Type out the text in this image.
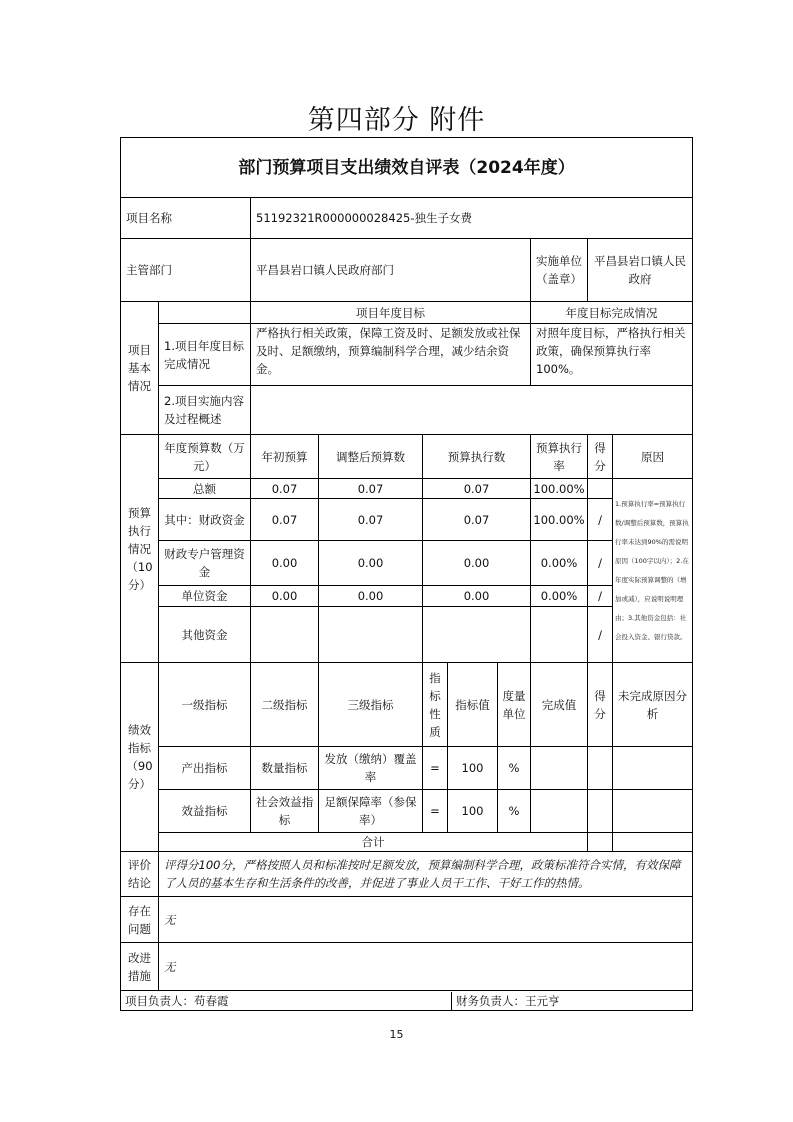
第四部分 附件
部门预算项目支出绩效自评表（2024年度）									
项目名称		51192321R000000028425-独生子女费							
主管部门		平昌县岩口镇人民政府部门					实施单位（盖章）	平昌县岩口镇人民政府	
项目基本情况		项目年度目标					年度目标完成情况		
	1.项目年度目标完成情况	严格执行相关政策，保障工资及时、足额发放或社保及时、足额缴纳，预算编制科学合理，减少结余资金。					对照年度目标，严格执行相关政策，确保预算执行率100%。		
	2.项目实施内容及过程概述								
预算执行情况（10分）	年度预算数（万元）	年初预算	调整后预算数	预算执行数			预算执行率	得分	原因
	总额	0.07	0.07	0.07			100.00%		1.预算执行率=预算执行数/调整后预算数，预算执行率未达到90%的需说明原因（100字以内）；2.在年度实际预算调整的（增加或减），应说明说明理由；3.其他资金包括：社会投入资金、银行贷款。
	其中：财政资金	0.07	0.07	0.07			100.00%	/	
	财政专户管理资金	0.00	0.00	0.00			0.00%	/	
	单位资金	0.00	0.00	0.00			0.00%	/	
	其他资金							/	
绩效指标（90分）	一级指标	二级指标	三级指标	指标性质	指标值	度量单位	完成值	得分	未完成原因分析
	产出指标	数量指标	发放（缴纳）覆盖率	=	100	%			
	效益指标	社会效益指标	足额保障率（参保率）	=	100	%			
	合计								
评价结论	评得分100分，严格按照人员和标准按时足额发放，预算编制科学合理，政策标准符合实情，有效保障了人员的基本生存和生活条件的改善，并促进了事业人员干工作、干好工作的热情。								
存在问题	无								
改进措施	无								

项目负责人：苟春霞 财务负责人：王元亨									
15
